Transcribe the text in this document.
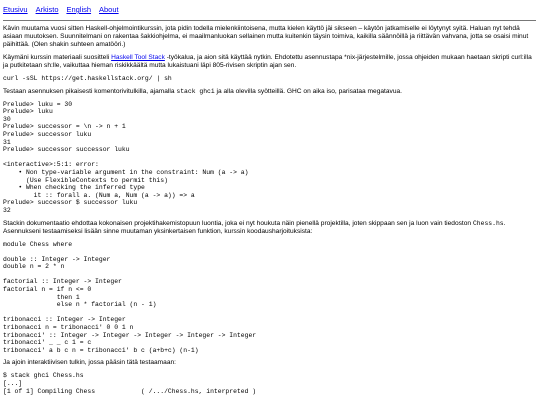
Etusivu Arkisto English About

Kävin muutama vuosi sitten Haskell-ohjelmointikurssin, jota pidin todella mielenkiintoisena, mutta kielen käyttö jäi sikseen – käytön jatkamiselle ei löytynyt syitä. Haluan nyt tehdä asiaan muutoksen. Suunnitelmani on rakentaa šakkiohjelma, ei maailmanluokan sellainen mutta kuitenkin täysin toimiva, kaikilla säännöillä ja riittävän vahvana, jotta se osaisi minut päihittää. (Olen shakin suhteen amatööri.)

Käymäni kurssin materiaali suositteli Haskell Tool Stack -työkalua, ja aion sitä käyttää nytkin. Ehdotettu asennustapa *nix-järjestelmille, jossa ohjeiden mukaan haetaan skripti curl:illa ja putkitetaan sh:lle, vaikuttaa hieman riskikkäältä mutta lukaistuani läpi 805-rivisen skriptin ajan sen.

curl -sSL https://get.haskellstack.org/ | sh

Testaan asennuksen pikaisesti komentorivitulkilla, ajamalla stack ghci ja alla olevilla syötteillä. GHC on aika iso, parisataa megatavua.

Prelude> luku = 30
Prelude> luku
30
Prelude> successor = \n -> n + 1
Prelude> successor luku
31
Prelude> successor successor luku

<interactive>:5:1: error:
• Non type-variable argument in the constraint: Num (a -> a)
(Use FlexibleContexts to permit this)
• When checking the inferred type
it :: forall a. (Num a, Num (a -> a)) => a
Prelude> successor $ successor luku
32

Stackin dokumentaatio ehdottaa kokonaisen projektihakemistopuun luontia, joka ei nyt houkuta näin pienellä projektilla, joten skippaan sen ja luon vain tiedoston Chess.hs. Asennukseni testaamiseksi lisään sinne muutaman yksinkertaisen funktion, kurssin koodausharjoituksista:

module Chess where

double :: Integer -> Integer
double n = 2 * n

factorial :: Integer -> Integer
factorial n = if n <= 0
then 1
else n * factorial (n - 1)

tribonacci :: Integer -> Integer
tribonacci n = tribonacci' 0 0 1 n
tribonacci' :: Integer -> Integer -> Integer -> Integer -> Integer
tribonacci' _ _ c 1 = c
tribonacci' a b c n = tribonacci' b c (a+b+c) (n-1)

Ja ajoin interaktiivisen tulkin, jossa pääsin tätä testaamaan:

$ stack ghci Chess.hs
[...]
[1 of 1] Compiling Chess            ( /.../Chess.hs, interpreted )
